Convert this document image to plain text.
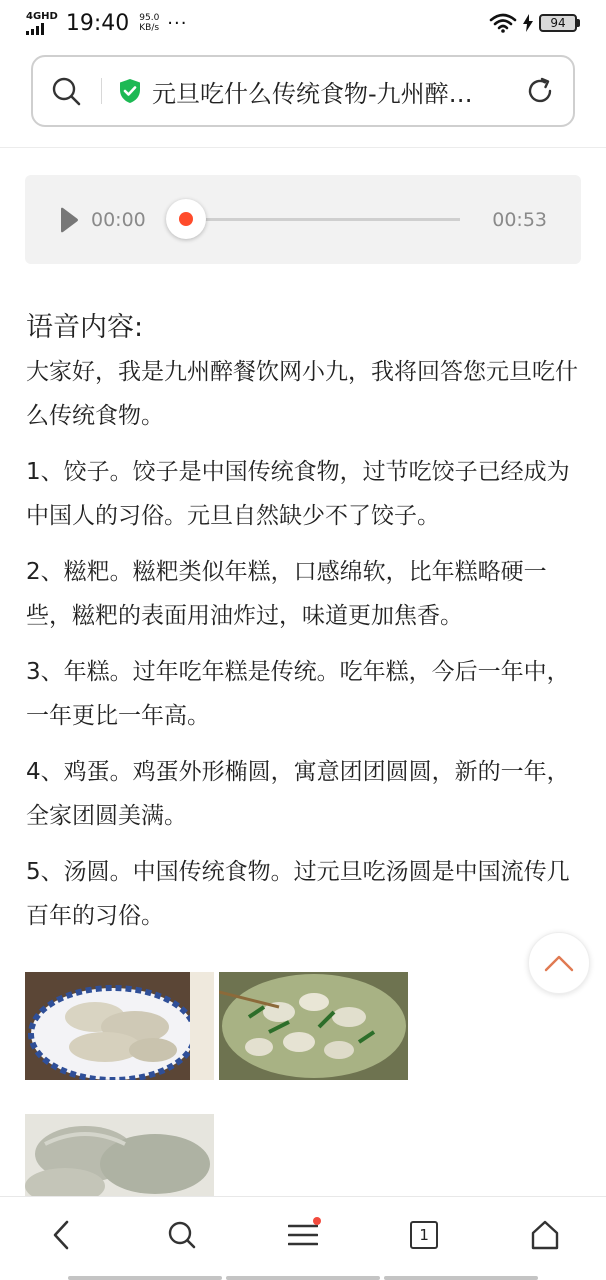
4GHD 19:40 95.0
KB/s ···	94
元旦吃什么传统食物-九州醉…
00:00	00:53
语音内容:

大家好，我是九州醉餐饮网小九，我将回答您元旦吃什么传统食物。

1、饺子。饺子是中国传统食物，过节吃饺子已经成为中国人的习俗。元旦自然缺少不了饺子。

2、糍粑。糍粑类似年糕，口感绵软，比年糕略硬一些，糍粑的表面用油炸过，味道更加焦香。

3、年糕。过年吃年糕是传统。吃年糕，今后一年中，一年更比一年高。

4、鸡蛋。鸡蛋外形椭圆，寓意团团圆圆，新的一年，全家团圆美满。

5、汤圆。中国传统食物。过元旦吃汤圆是中国流传几百年的习俗。

1
